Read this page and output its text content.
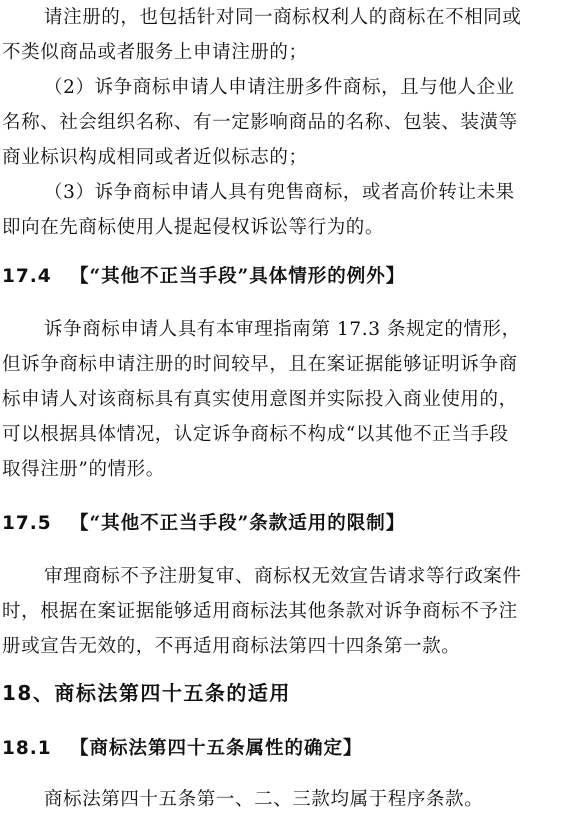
请注册的，也包括针对同一商标权利人的商标在不相同或
不类似商品或者服务上申请注册的；
（2）诉争商标申请人申请注册多件商标，且与他人企业
名称、社会组织名称、有一定影响商品的名称、包装、装潢等
商业标识构成相同或者近似标志的；
（3）诉争商标申请人具有兜售商标，或者高价转让未果
即向在先商标使用人提起侵权诉讼等行为的。
17.4 【“其他不正当手段”具体情形的例外】
诉争商标申请人具有本审理指南第 17.3 条规定的情形，
但诉争商标申请注册的时间较早，且在案证据能够证明诉争商
标申请人对该商标具有真实使用意图并实际投入商业使用的，
可以根据具体情况，认定诉争商标不构成“以其他不正当手段
取得注册”的情形。
17.5 【“其他不正当手段”条款适用的限制】
审理商标不予注册复审、商标权无效宣告请求等行政案件
时，根据在案证据能够适用商标法其他条款对诉争商标不予注
册或宣告无效的，不再适用商标法第四十四条第一款。
18、商标法第四十五条的适用
18.1 【商标法第四十五条属性的确定】
商标法第四十五条第一、二、三款均属于程序条款。
